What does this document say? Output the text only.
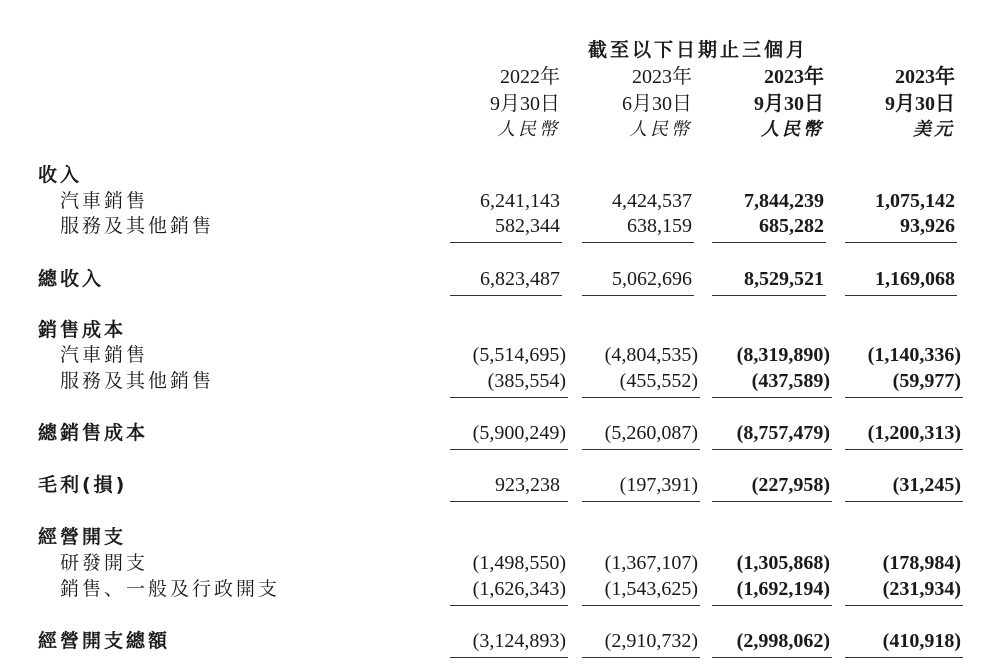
截至以下日期止三個月
2022年	2023年	2023年	2023年
9月30日	6月30日	9月30日	9月30日
人民幣	人民幣	人民幣	美元
收入
汽車銷售	6,241,143	4,424,537	7,844,239	1,075,142
服務及其他銷售	582,344	638,159	685,282	93,926
總收入	6,823,487	5,062,696	8,529,521	1,169,068
銷售成本
汽車銷售	(5,514,695) (4,804,535) (8,319,890) (1,140,336)
服務及其他銷售	(385,554)	(455,552)	(437,589)	(59,977)
總銷售成本	(5,900,249) (5,260,087) (8,757,479) (1,200,313)
毛利(損)	923,238	(197,391)	(227,958)	(31,245)
經營開支
研發開支	(1,498,550) (1,367,107) (1,305,868)	(178,984)
銷售、一般及行政開支	(1,626,343) (1,543,625) (1,692,194)	(231,934)
經營開支總額	(3,124,893) (2,910,732) (2,998,062)	(410,918)
